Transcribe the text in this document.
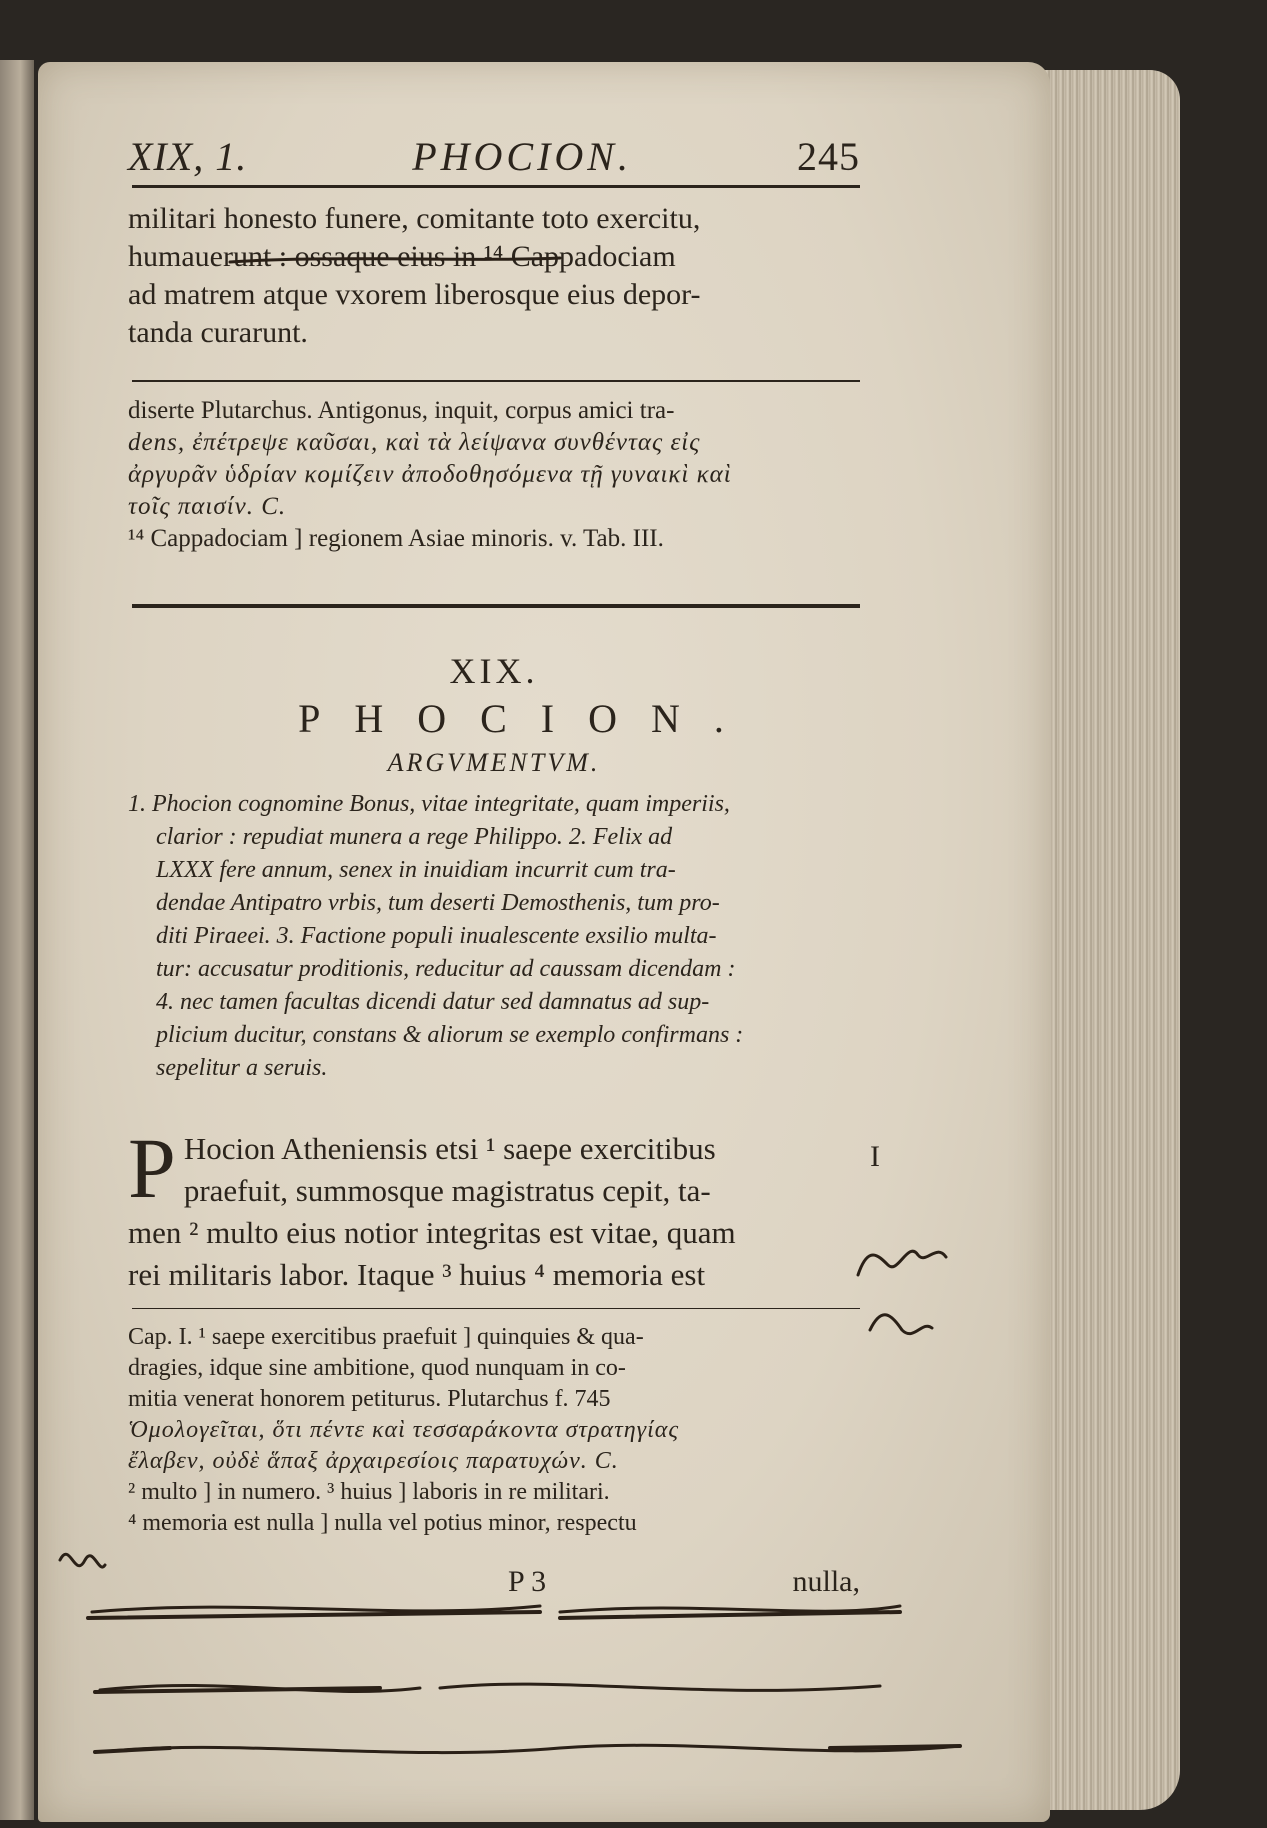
XIX, 1.	PHOCION.	245
militari honesto funere, comitante toto exercitu,
humauerunt : ossaque eius in ¹⁴ Cappadociam
ad matrem atque vxorem liberosque eius depor-
tanda curarunt.
diserte Plutarchus. Antigonus, inquit, corpus amici tra-
dens, ἐπέτρεψε καῦσαι, καὶ τὰ λείψανα συνθέντας εἰς
ἀργυρᾶν ὑδρίαν κομίζειν ἀποδοθησόμενα τῇ γυναικὶ καὶ
τοῖς παισίν. C.
¹⁴ Cappadociam ] regionem Asiae minoris. v. Tab. III.
XIX.
PHOCION.
ARGVMENTVM.
1. Phocion cognomine Bonus, vitae integritate, quam imperiis,
clarior : repudiat munera a rege Philippo. 2. Felix ad
LXXX fere annum, senex in inuidiam incurrit cum tra-
dendae Antipatro vrbis, tum deserti Demosthenis, tum pro-
diti Piraeei. 3. Factione populi inualescente exsilio multa-
tur: accusatur proditionis, reducitur ad caussam dicendam :
4. nec tamen facultas dicendi datur sed damnatus ad sup-
plicium ducitur, constans & aliorum se exemplo confirmans :
sepelitur a seruis.
P Hocion Atheniensis etsi ¹ saepe exercitibus
praefuit, summosque magistratus cepit, ta-
men ² multo eius notior integritas est vitae, quam
rei militaris labor. Itaque ³ huius ⁴ memoria est
I
Cap. I. ¹ saepe exercitibus praefuit ] quinquies & qua-
dragies, idque sine ambitione, quod nunquam in co-
mitia venerat honorem petiturus. Plutarchus f. 745
Ὁμολογεῖται, ὅτι πέντε καὶ τεσσαράκοντα στρατηγίας
ἔλαβεν, οὐδὲ ἅπαξ ἀρχαιρεσίοις παρατυχών. C.
² multo ] in numero. ³ huius ] laboris in re militari.
⁴ memoria est nulla ] nulla vel potius minor, respectu
P 3	nulla,
